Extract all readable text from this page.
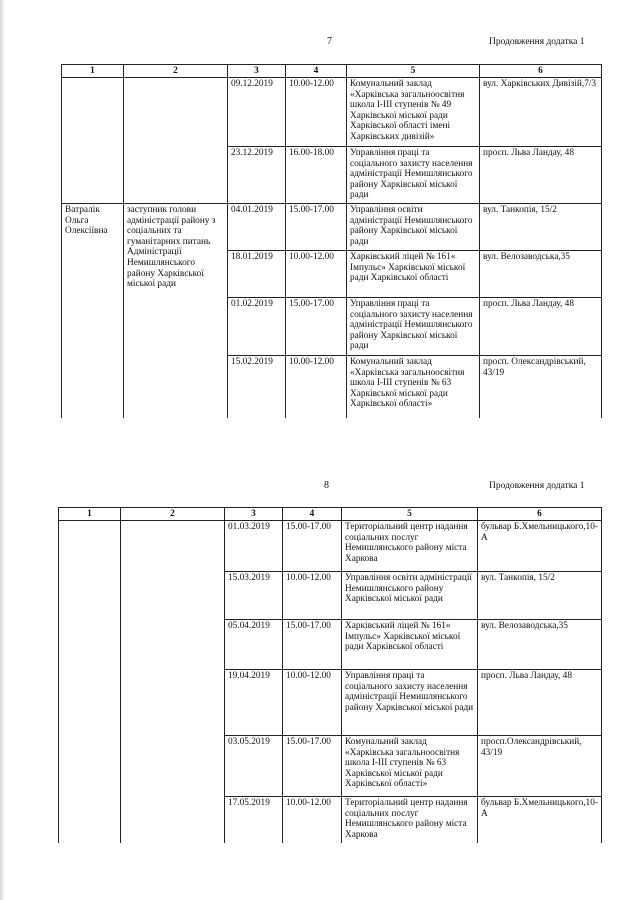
7	Продовження додатка 1
1	2	3	4	5	6
		09.12.2019	10.00-12.00	Комунальний заклад «Харківська загальноосвітня школа І-ІІІ ступенів № 49 Харківської міської ради Харківської області імені Харківських дивізій»	вул. Харківських Дивізій,7/3
		23.12.2019	16.00-18.00	Управління праці та соціального захисту населення адміністрації Немишлянського району Харківської міської ради	просп. Льва Ландау, 48
Ватралік Ольга Олексіївна	заступник голови адміністрації району з соціальних та гуманітарних питань Адміністрації Немишлянського району Харківської міської ради	04.01.2019	15.00-17.00	Управління освіти адміністрації Немишлянського району Харківської міської ради	вул. Танкопія, 15/2
		18.01.2019	10.00-12.00	Харківський ліцей № 161« Імпульс» Харківської міської ради Харківської області	вул. Велозаводська,35
		01.02.2019	15.00-17.00	Управління праці та соціального захисту населення адміністрації Немишлянського району Харківської міської ради	просп. Льва Ландау, 48
		15.02.2019	10.00-12.00	Комунальний заклад «Харківська загальноосвітня школа І-ІІІ ступенів № 63 Харківської міської ради Харківської області»	просп. Олександрівський, 43/19
8	Продовження додатка 1
1	2	3	4	5	6
		01.03.2019	15.00-17.00	Територіальний центр надання соціальних послуг Немишлянського району міста Харкова	бульвар Б.Хмельницького,10-А
		15.03.2019	10.00-12.00	Управління освіти адміністрації Немишлянського району Харківської міської ради	вул. Танкопія, 15/2
		05.04.2019	15.00-17.00	Харківський ліцей № 161« Імпульс» Харківської міської ради Харківської області	вул. Велозаводська,35
		19.04.2019	10.00-12.00	Управління праці та соціального захисту населення адміністрації Немишлянського району Харківської міської ради	просп. Льва Ландау, 48
		03.05.2019	15.00-17.00	Комунальний заклад «Харківська загальноосвітня школа І-ІІІ ступенів № 63 Харківської міської ради Харківської області»	просп.Олександрівський, 43/19
		17.05.2019	10.00-12.00	Територіальний центр надання соціальних послуг Немишлянського району міста Харкова	бульвар Б.Хмельницького,10-А
